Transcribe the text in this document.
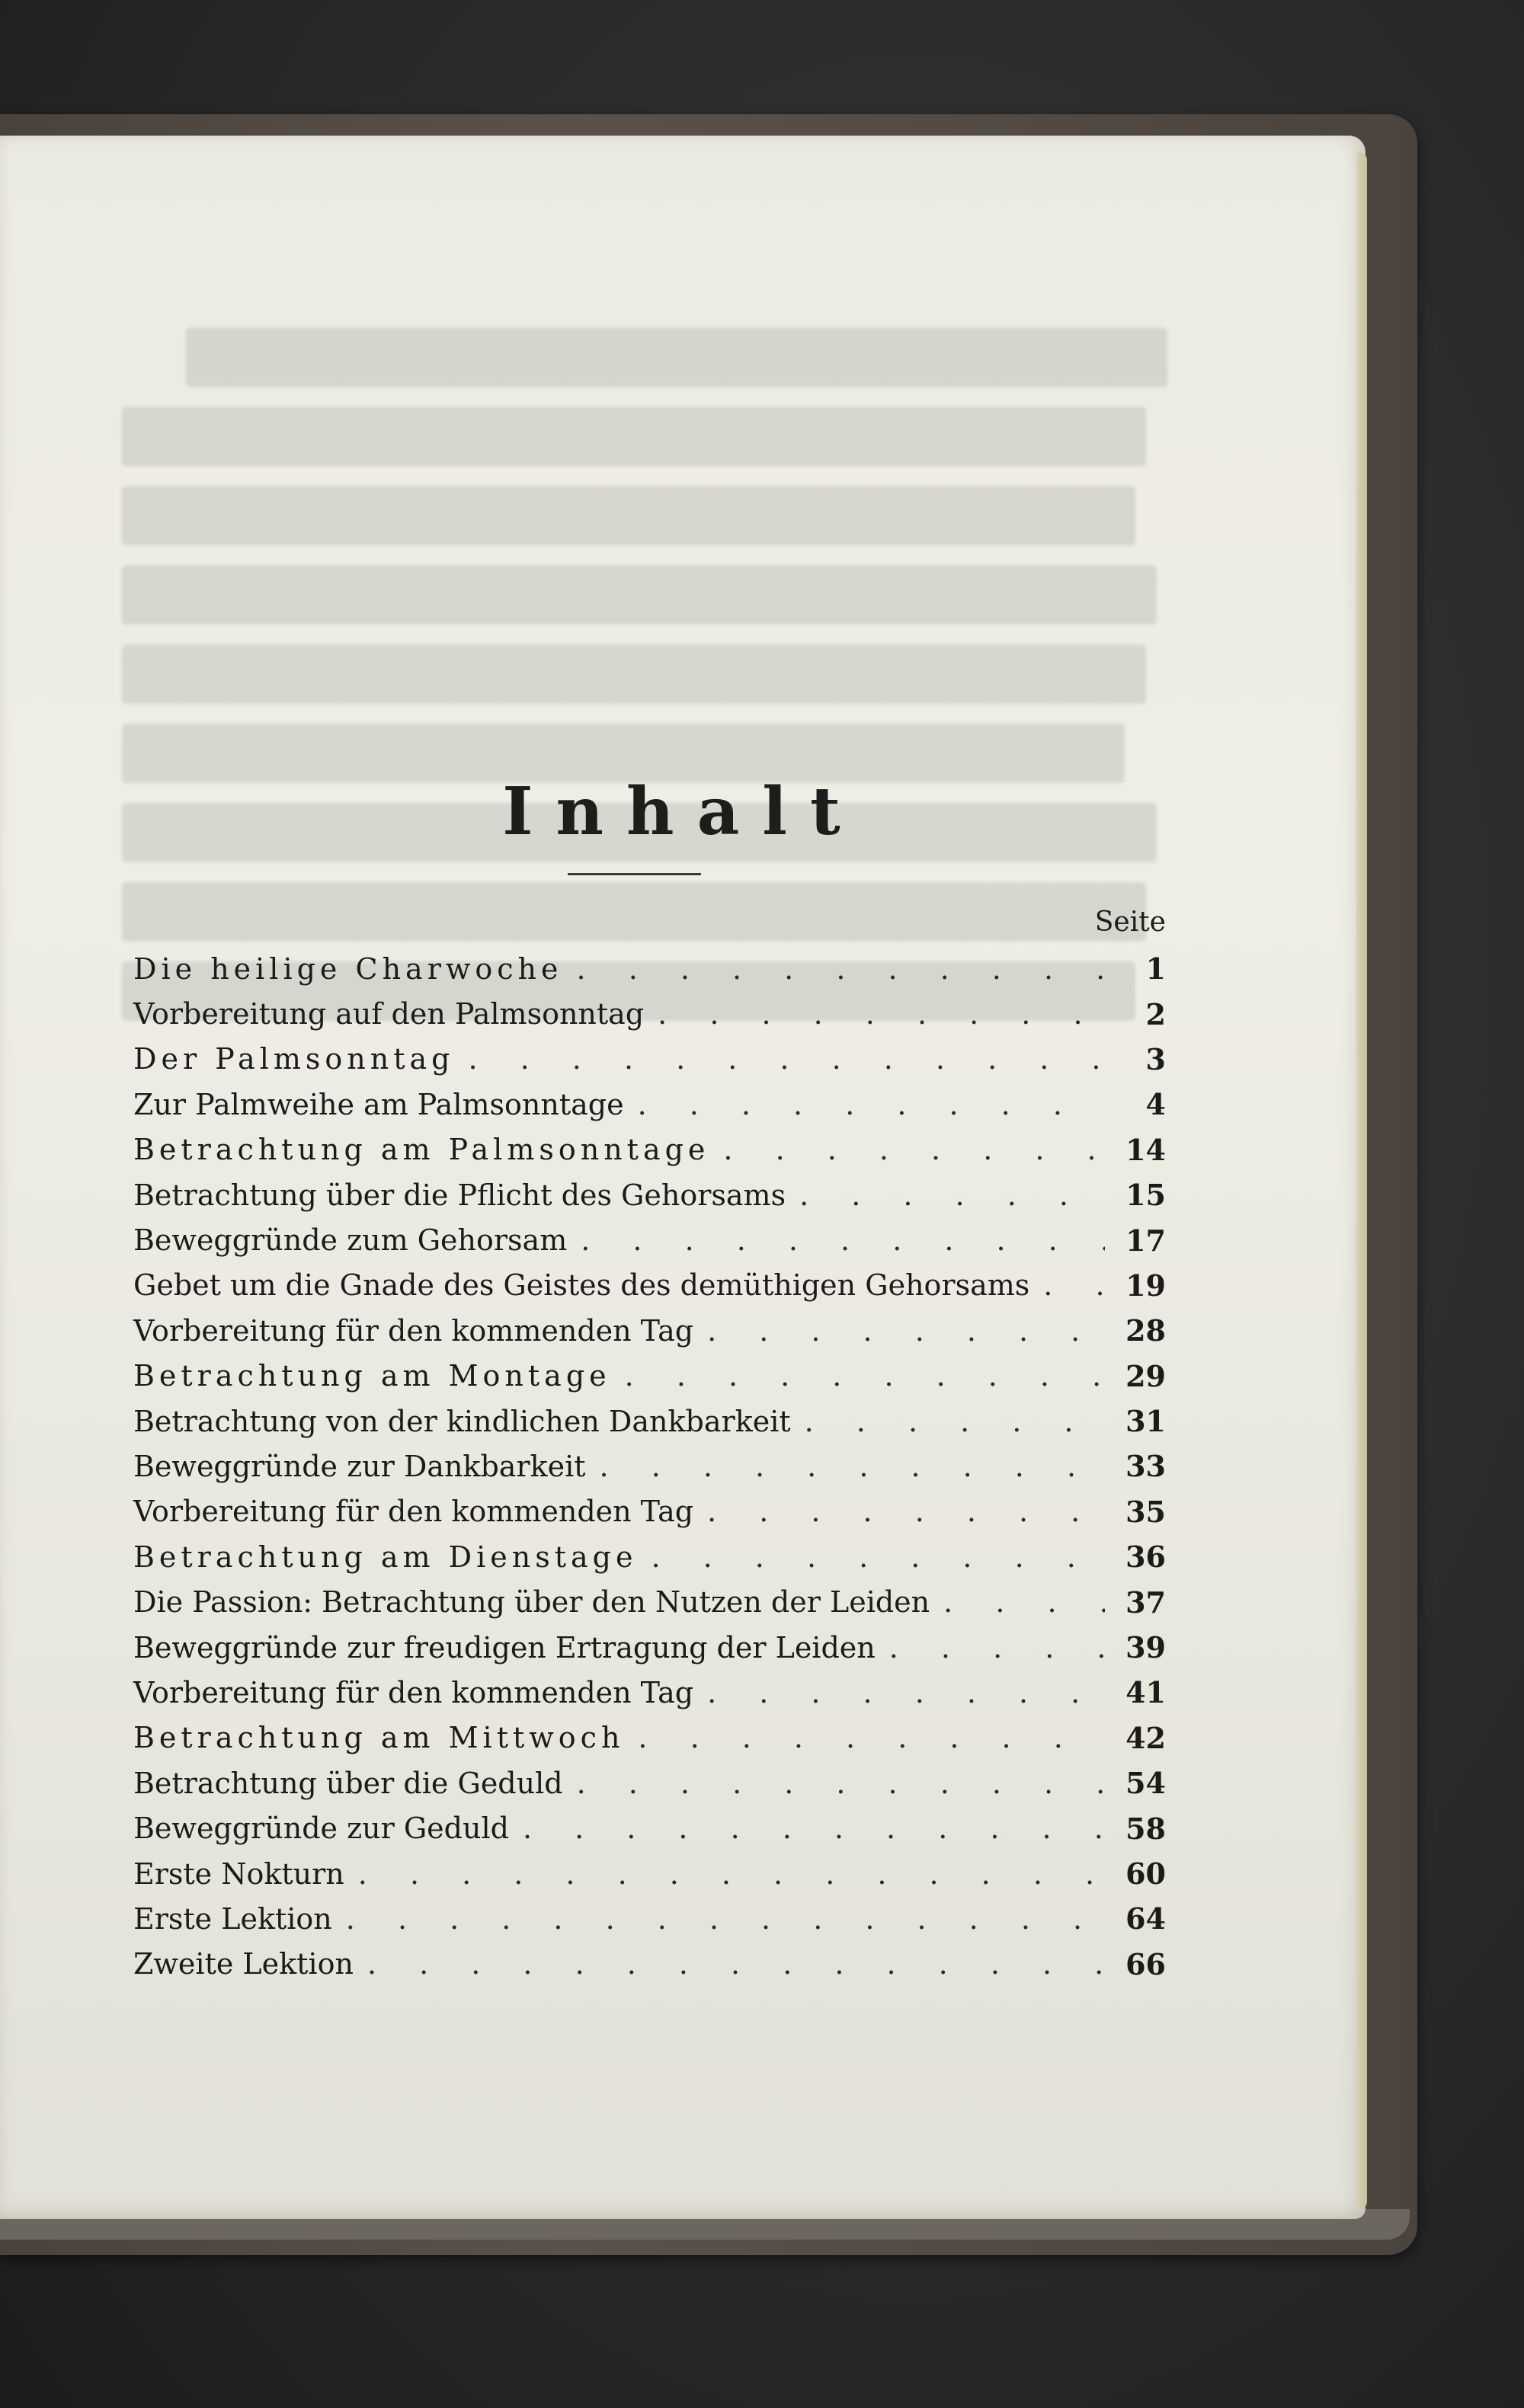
Inhalt
Seite
Die heilige Charwoche . . .	1
Vorbereitung auf den Palmsonntag . . .	2
Der Palmsonntag . . .	3
Zur Palmweihe am Palmsonntage . . .	4
Betrachtung am Palmsonntage . . .	14
Betrachtung über die Pflicht des Gehorsams . . .	15
Beweggründe zum Gehorsam . . .	17
Gebet um die Gnade des Geistes des demüthigen Gehorsams . . .	19
Vorbereitung für den kommenden Tag . . .	28
Betrachtung am Montage . . .	29
Betrachtung von der kindlichen Dankbarkeit . . .	31
Beweggründe zur Dankbarkeit . . .	33
Vorbereitung für den kommenden Tag . . .	35
Betrachtung am Dienstage . . .	36
Die Passion: Betrachtung über den Nutzen der Leiden . . .	37
Beweggründe zur freudigen Ertragung der Leiden . . .	39
Vorbereitung für den kommenden Tag . . .	41
Betrachtung am Mittwoch . . .	42
Betrachtung über die Geduld . . .	54
Beweggründe zur Geduld . . .	58
Erste Nokturn . . .	60
Erste Lektion . . .	64
Zweite Lektion . . .	66
